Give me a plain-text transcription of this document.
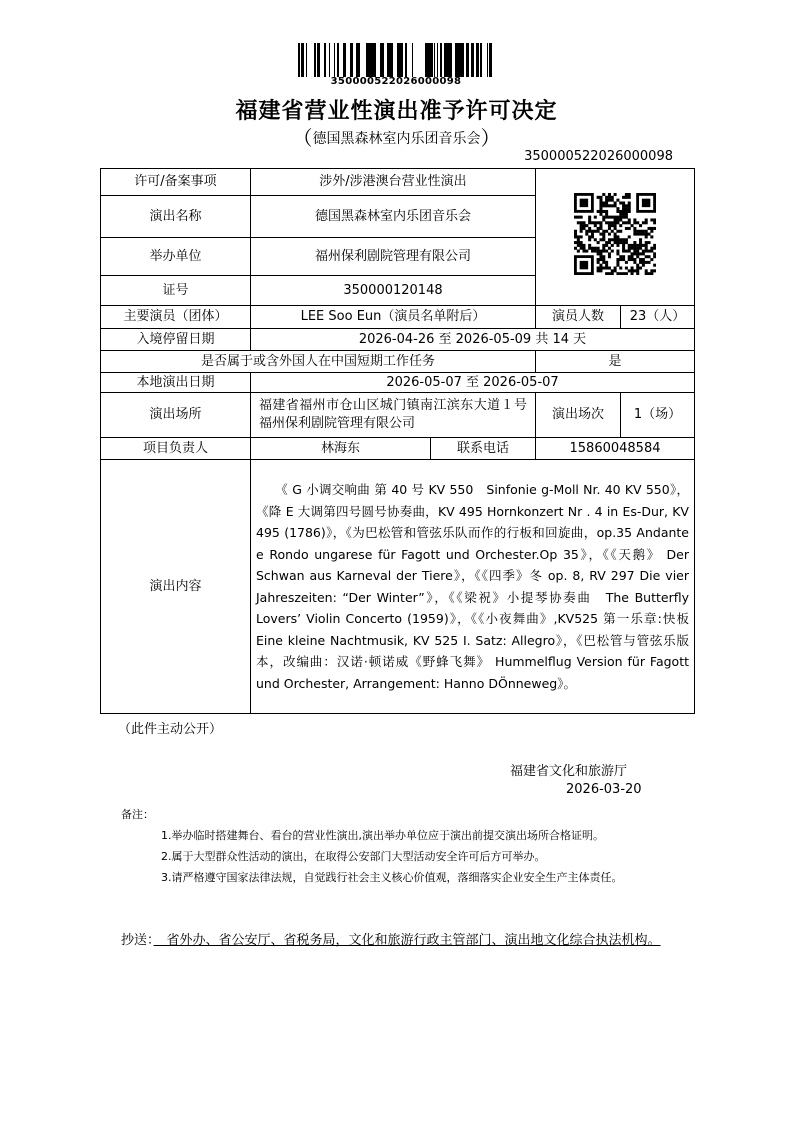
350000522026000098
福建省营业性演出准予许可决定
（德国黑森林室内乐团音乐会）
350000522026000098
许可/备案事项	涉外/涉港澳台营业性演出	
演出名称	德国黑森林室内乐团音乐会			
举办单位	福州保利剧院管理有限公司			
证号	350000120148			
主要演员（团体）	LEE Soo Eun（演员名单附后）		演员人数	23（人）
入境停留日期	2026-04-26 至 2026-05-09 共 14 天			
是否属于或含外国人在中国短期工作任务			是	
本地演出日期	2026-05-07 至 2026-05-07			
演出场所	福建省福州市仓山区城门镇南江滨东大道１号福州保利剧院管理有限公司		演出场次	1（场）
项目负责人	林海东	联系电话	15860048584	
演出内容	　　《 G 小调交响曲 第 40 号 KV 550　Sinfonie g-Moll Nr. 40 KV 550》，《降 E 大调第四号圆号协奏曲，KV 495 Hornkonzert Nr . 4 in Es-Dur, KV 495 (1786)》，《为巴松管和管弦乐队而作的行板和回旋曲，op.35 Andante e Rondo ungarese für Fagott und Orchester.Op 35》，《《天鹅》 Der Schwan aus Karneval der Tiere》，《《四季》冬 op. 8, RV 297 Die vier Jahreszeiten: “Der Winter”》，《《梁祝》小提琴协奏曲　The Butterfly Lovers’ Violin Concerto (1959)》，《《小夜舞曲》,KV525 第一乐章:快板 Eine kleine Nachtmusik, KV 525 I. Satz: Allegro》，《巴松管与管弦乐版本，改编曲：汉诺·顿诺威《野蜂飞舞》 Hummelflug Version für Fagott und Orchester, Arrangement: Hanno DÖnneweg》。			
（此件主动公开）
福建省文化和旅游厅
2026-03-20
备注：
1.举办临时搭建舞台、看台的营业性演出,演出举办单位应于演出前提交演出场所合格证明。
2.属于大型群众性活动的演出，在取得公安部门大型活动安全许可后方可举办。
3.请严格遵守国家法律法规，自觉践行社会主义核心价值观，落细落实企业安全生产主体责任。
抄送：　省外办、省公安厅、省税务局，文化和旅游行政主管部门、演出地文化综合执法机构。
